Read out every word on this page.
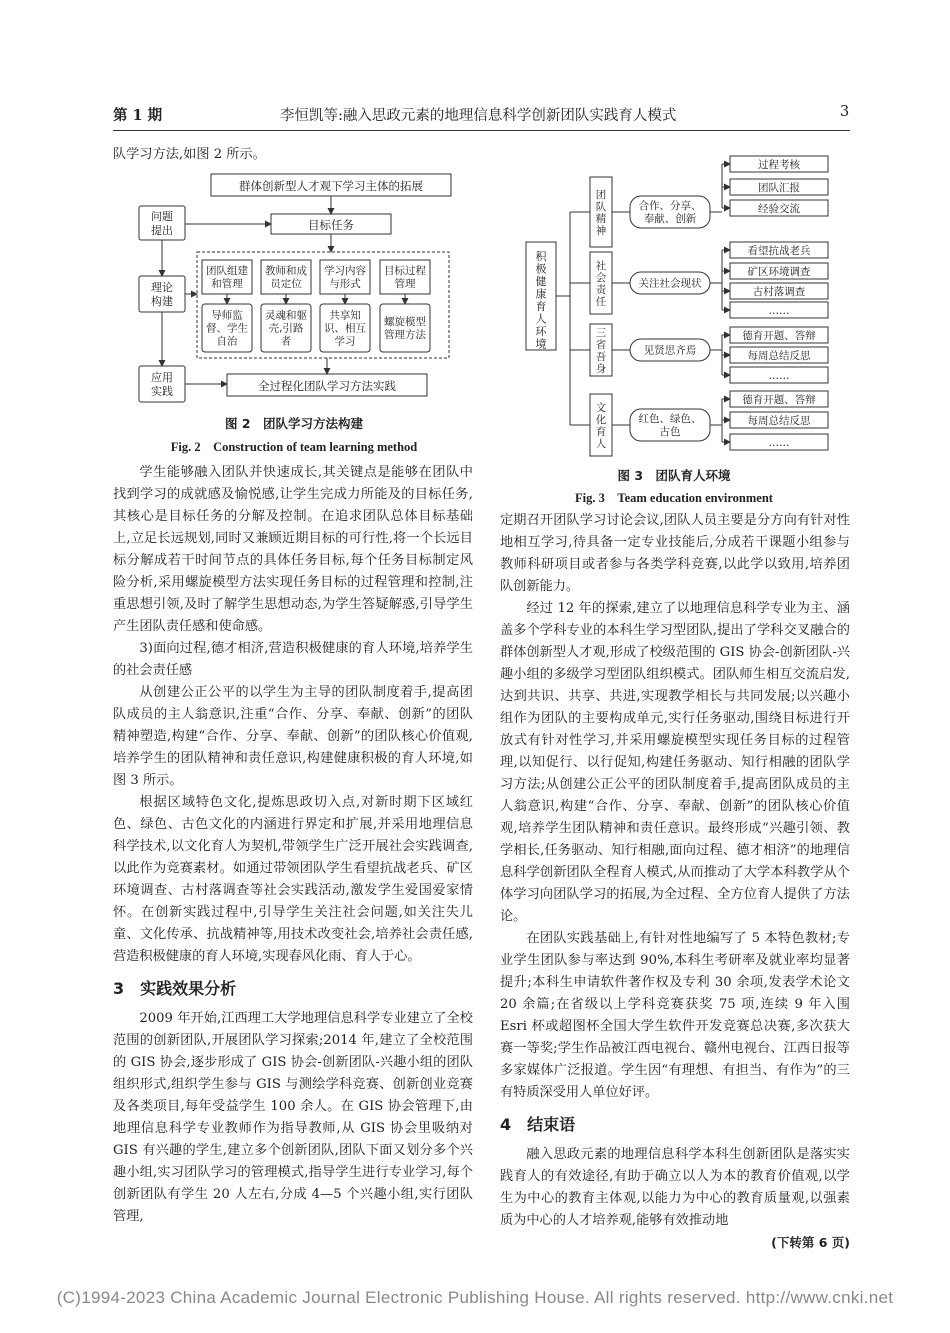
第 1 期	李恒凯等:融入思政元素的地理信息科学创新团队实践育人模式	3

队学习方法,如图 2 所示。

群体创新型人才观下学习主体的拓展
目标任务
问题提出
理论构建
应用实践
团队组建和管理
导师监督、学生自治
教师和成员定位
灵魂和躯壳,引路者
学习内容与形式
共享知识、相互学习
目标过程管理
螺旋模型管理方法
全过程化团队学习方法实践
图 2　团队学习方法构建
Fig. 2　Construction of team learning method

学生能够融入团队并快速成长,其关键点是能够在团队中找到学习的成就感及愉悦感,让学生完成力所能及的目标任务,其核心是目标任务的分解及控制。在追求团队总体目标基础上,立足长远规划,同时又兼顾近期目标的可行性,将一个长远目标分解成若干时间节点的具体任务目标,每个任务目标制定风险分析,采用螺旋模型方法实现任务目标的过程管理和控制,注重思想引领,及时了解学生思想动态,为学生答疑解惑,引导学生产生团队责任感和使命感。

3)面向过程,德才相济,营造积极健康的育人环境,培养学生的社会责任感

从创建公正公平的以学生为主导的团队制度着手,提高团队成员的主人翁意识,注重“合作、分享、奉献、创新”的团队精神塑造,构建“合作、分享、奉献、创新”的团队核心价值观,培养学生的团队精神和责任意识,构建健康积极的育人环境,如图 3 所示。

根据区域特色文化,提炼思政切入点,对新时期下区域红色、绿色、古色文化的内涵进行界定和扩展,并采用地理信息科学技术,以文化育人为契机,带领学生广泛开展社会实践调查,以此作为竞赛素材。如通过带领团队学生看望抗战老兵、矿区环境调查、古村落调查等社会实践活动,激发学生爱国爱家情怀。在创新实践过程中,引导学生关注社会问题,如关注失儿童、文化传承、抗战精神等,用技术改变社会,培养社会责任感,营造积极健康的育人环境,实现春风化雨、育人于心。

3　实践效果分析

2009 年开始,江西理工大学地理信息科学专业建立了全校范围的创新团队,开展团队学习探索;2014 年,建立了全校范围的 GIS 协会,逐步形成了 GIS 协会-创新团队-兴趣小组的团队组织形式,组织学生参与 GIS 与测绘学科竞赛、创新创业竞赛及各类项目,每年受益学生 100 余人。在 GIS 协会管理下,由地理信息科学专业教师作为指导教师,从 GIS 协会里吸纳对 GIS 有兴趣的学生,建立多个创新团队,团队下面又划分多个兴趣小组,实习团队学习的管理模式,指导学生进行专业学习,每个创新团队有学生 20 人左右,分成 4—5 个兴趣小组,实行团队管理,

积极健康育人环境
团队精神
合作、分享、奉献、创新
过程考核
团队汇报
经验交流
社会责任
关注社会现状
看望抗战老兵
矿区环境调查
古村落调查
……
三省吾身
见贤思齐焉
德育开题、答辩
每周总结反思
……
文化育人
红色、绿色、古色
德育开题、答辩
每周总结反思
……
图 3　团队育人环境
Fig. 3　Team education environment

定期召开团队学习讨论会议,团队人员主要是分方向有针对性地相互学习,待具备一定专业技能后,分成若干课题小组参与教师科研项目或者参与各类学科竞赛,以此学以致用,培养团队创新能力。

经过 12 年的探索,建立了以地理信息科学专业为主、涵盖多个学科专业的本科生学习型团队,提出了学科交叉融合的群体创新型人才观,形成了校级范围的 GIS 协会-创新团队-兴趣小组的多级学习型团队组织模式。团队师生相互交流启发,达到共识、共享、共进,实现教学相长与共同发展;以兴趣小组作为团队的主要构成单元,实行任务驱动,围绕目标进行开放式有针对性学习,并采用螺旋模型实现任务目标的过程管理,以知促行、以行促知,构建任务驱动、知行相融的团队学习方法;从创建公正公平的团队制度着手,提高团队成员的主人翁意识,构建“合作、分享、奉献、创新”的团队核心价值观,培养学生团队精神和责任意识。最终形成“兴趣引领、教学相长,任务驱动、知行相融,面向过程、德才相济”的地理信息科学创新团队全程育人模式,从而推动了大学本科教学从个体学习向团队学习的拓展,为全过程、全方位育人提供了方法论。

在团队实践基础上,有针对性地编写了 5 本特色教材;专业学生团队参与率达到 90%,本科生考研率及就业率均显著提升;本科生申请软件著作权及专利 30 余项,发表学术论文 20 余篇;在省级以上学科竞赛获奖 75 项,连续 9 年入围 Esri 杯或超图杯全国大学生软件开发竞赛总决赛,多次获大赛一等奖;学生作品被江西电视台、赣州电视台、江西日报等多家媒体广泛报道。学生因“有理想、有担当、有作为”的三有特质深受用人单位好评。

4　结束语

融入思政元素的地理信息科学本科生创新团队是落实实践育人的有效途径,有助于确立以人为本的教育价值观,以学生为中心的教育主体观,以能力为中心的教育质量观,以强素质为中心的人才培养观,能够有效推动地

(下转第 6 页)
(C)1994-2023 China Academic Journal Electronic Publishing House. All rights reserved. http://www.cnki.net
